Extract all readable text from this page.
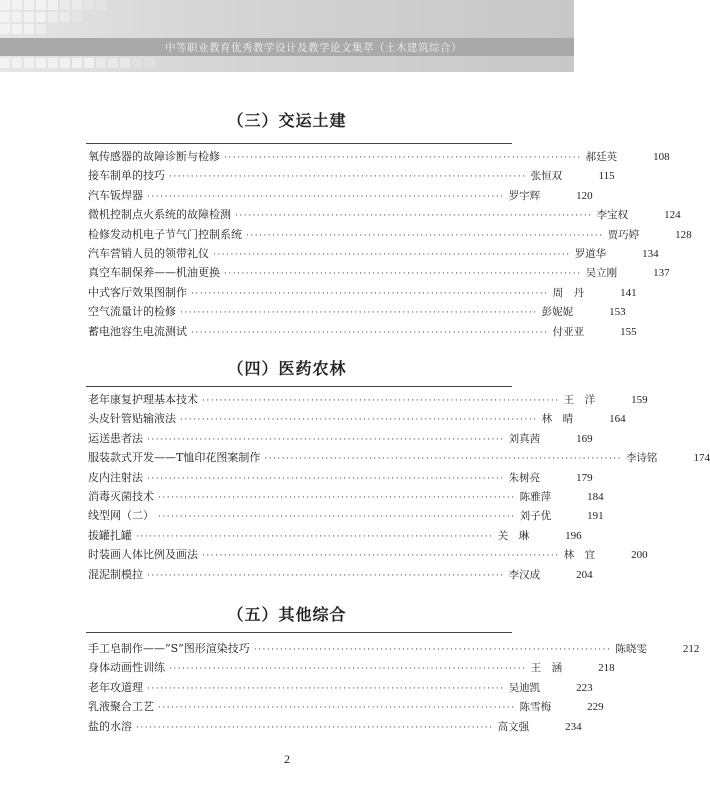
中等职业教育优秀教学设计及教学论文集萃（土木建筑综合）
（三）交运土建
氧传感器的故障诊断与检修 ·················································································· 郝廷英	108
接车制单的技巧 ·················································································· 张恒双	115
汽车钣焊器 ·················································································· 罗宇辉	120
微机控制点火系统的故障检测 ·················································································· 李宝权	124
检修发动机电子节气门控制系统 ·················································································· 贾巧婷	128
汽车营销人员的领带礼仪 ·················································································· 罗道华	134
真空车制保养——机油更换 ·················································································· 吴立刚	137
中式客厅效果图制作 ·················································································· 周　丹	141
空气流量计的检修 ·················································································· 彭妮妮	153
蓄电池容生电流测试 ·················································································· 付亚亚	155
（四）医药农林
老年康复护理基本技术 ·················································································· 王　洋	159
头皮针管贴输液法 ·················································································· 林　晴	164
运送患者法 ·················································································· 刘真茜	169
服装款式开发——T恤印花图案制作 ·················································································· 李诗铭	174
皮内注射法 ·················································································· 朱树亮	179
消毒灭菌技术 ·················································································· 陈雅萍	184
线型网（二） ·················································································· 刘子优	191
拔罐扎罐 ·················································································· 关　琳	196
时装画人体比例及画法 ·················································································· 林　宜	200
混泥制模拉 ·················································································· 李汉成	204
（五）其他综合
手工皂制作——“S”图形渲染技巧 ·················································································· 陈晓雯	212
身体动画性训练 ·················································································· 王　涵	218
老年攻道理 ·················································································· 吴迪凯	223
乳液聚合工艺 ·················································································· 陈雪梅	229
盐的水溶 ·················································································· 高文强	234
2
